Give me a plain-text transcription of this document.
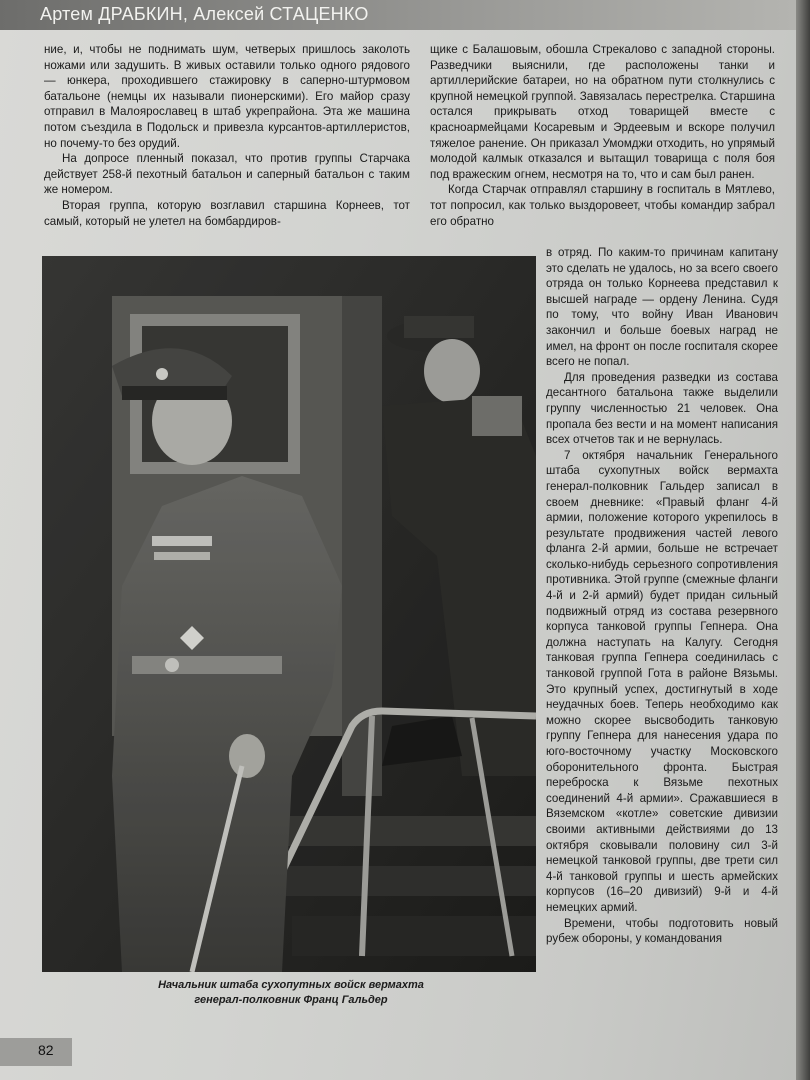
Артем ДРАБКИН, Алексей СТАЦЕНКО

ние, и, чтобы не поднимать шум, четверых пришлось заколоть ножами или задушить. В живых оставили только одного рядового — юнкера, проходившего стажировку в саперно-штурмовом батальоне (немцы их называли пионерскими). Его майор сразу отправил в Малоярославец в штаб укрепрайона. Эта же машина потом съездила в Подольск и привезла курсантов-артиллеристов, но почему-то без орудий.

На допросе пленный показал, что против группы Старчака действует 258-й пехотный батальон и саперный батальон с таким же номером.

Вторая группа, которую возглавил старшина Корнеев, тот самый, который не улетел на бомбардиров-

щике с Балашовым, обошла Стрекалово с западной стороны. Разведчики выяснили, где расположены танки и артиллерийские батареи, но на обратном пути столкнулись с крупной немецкой группой. Завязалась перестрелка. Старшина остался прикрывать отход товарищей вместе с красноармейцами Косаревым и Эрдеевым и вскоре получил тяжелое ранение. Он приказал Умомджи отходить, но упрямый молодой калмык отказался и вытащил товарища с поля боя под вражеским огнем, несмотря на то, что и сам был ранен.

Когда Старчак отправлял старшину в госпиталь в Мятлево, тот попросил, как только выздоровеет, чтобы командир забрал его обратно

в отряд. По каким-то причинам капитану это сделать не удалось, но за всего своего отряда он только Корнеева представил к высшей награде — ордену Ленина. Судя по тому, что войну Иван Иванович закончил и больше боевых наград не имел, на фронт он после госпиталя скорее всего не попал.

Для проведения разведки из состава десантного батальона также выделили группу численностью 21 человек. Она пропала без вести и на момент написания всех отчетов так и не вернулась.

7 октября начальник Генерального штаба сухопутных войск вермахта генерал-полковник Гальдер записал в своем дневнике: «Правый фланг 4-й армии, положение которого укрепилось в результате продвижения частей левого фланга 2-й армии, больше не встречает сколько-нибудь серьезного сопротивления противника. Этой группе (смежные фланги 4-й и 2-й армий) будет придан сильный подвижный отряд из состава резервного корпуса танковой группы Гепнера. Она должна наступать на Калугу. Сегодня танковая группа Гепнера соединилась с танковой группой Гота в районе Вязьмы. Это крупный успех, достигнутый в ходе неудачных боев. Теперь необходимо как можно скорее высвободить танковую группу Гепнера для нанесения удара по юго-восточному участку Московского оборонительного фронта. Быстрая переброска к Вязьме пехотных соединений 4-й армии». Сражавшиеся в Вяземском «котле» советские дивизии своими активными действиями до 13 октября сковывали половину сил 3-й немецкой танковой группы, две трети сил 4-й танковой группы и шесть армейских корпусов (16–20 дивизий) 9-й и 4-й немецких армий.

Времени, чтобы подготовить новый рубеж обороны, у командования

Начальник штаба сухопутных войск вермахта
генерал-полковник Франц Гальдер
82
